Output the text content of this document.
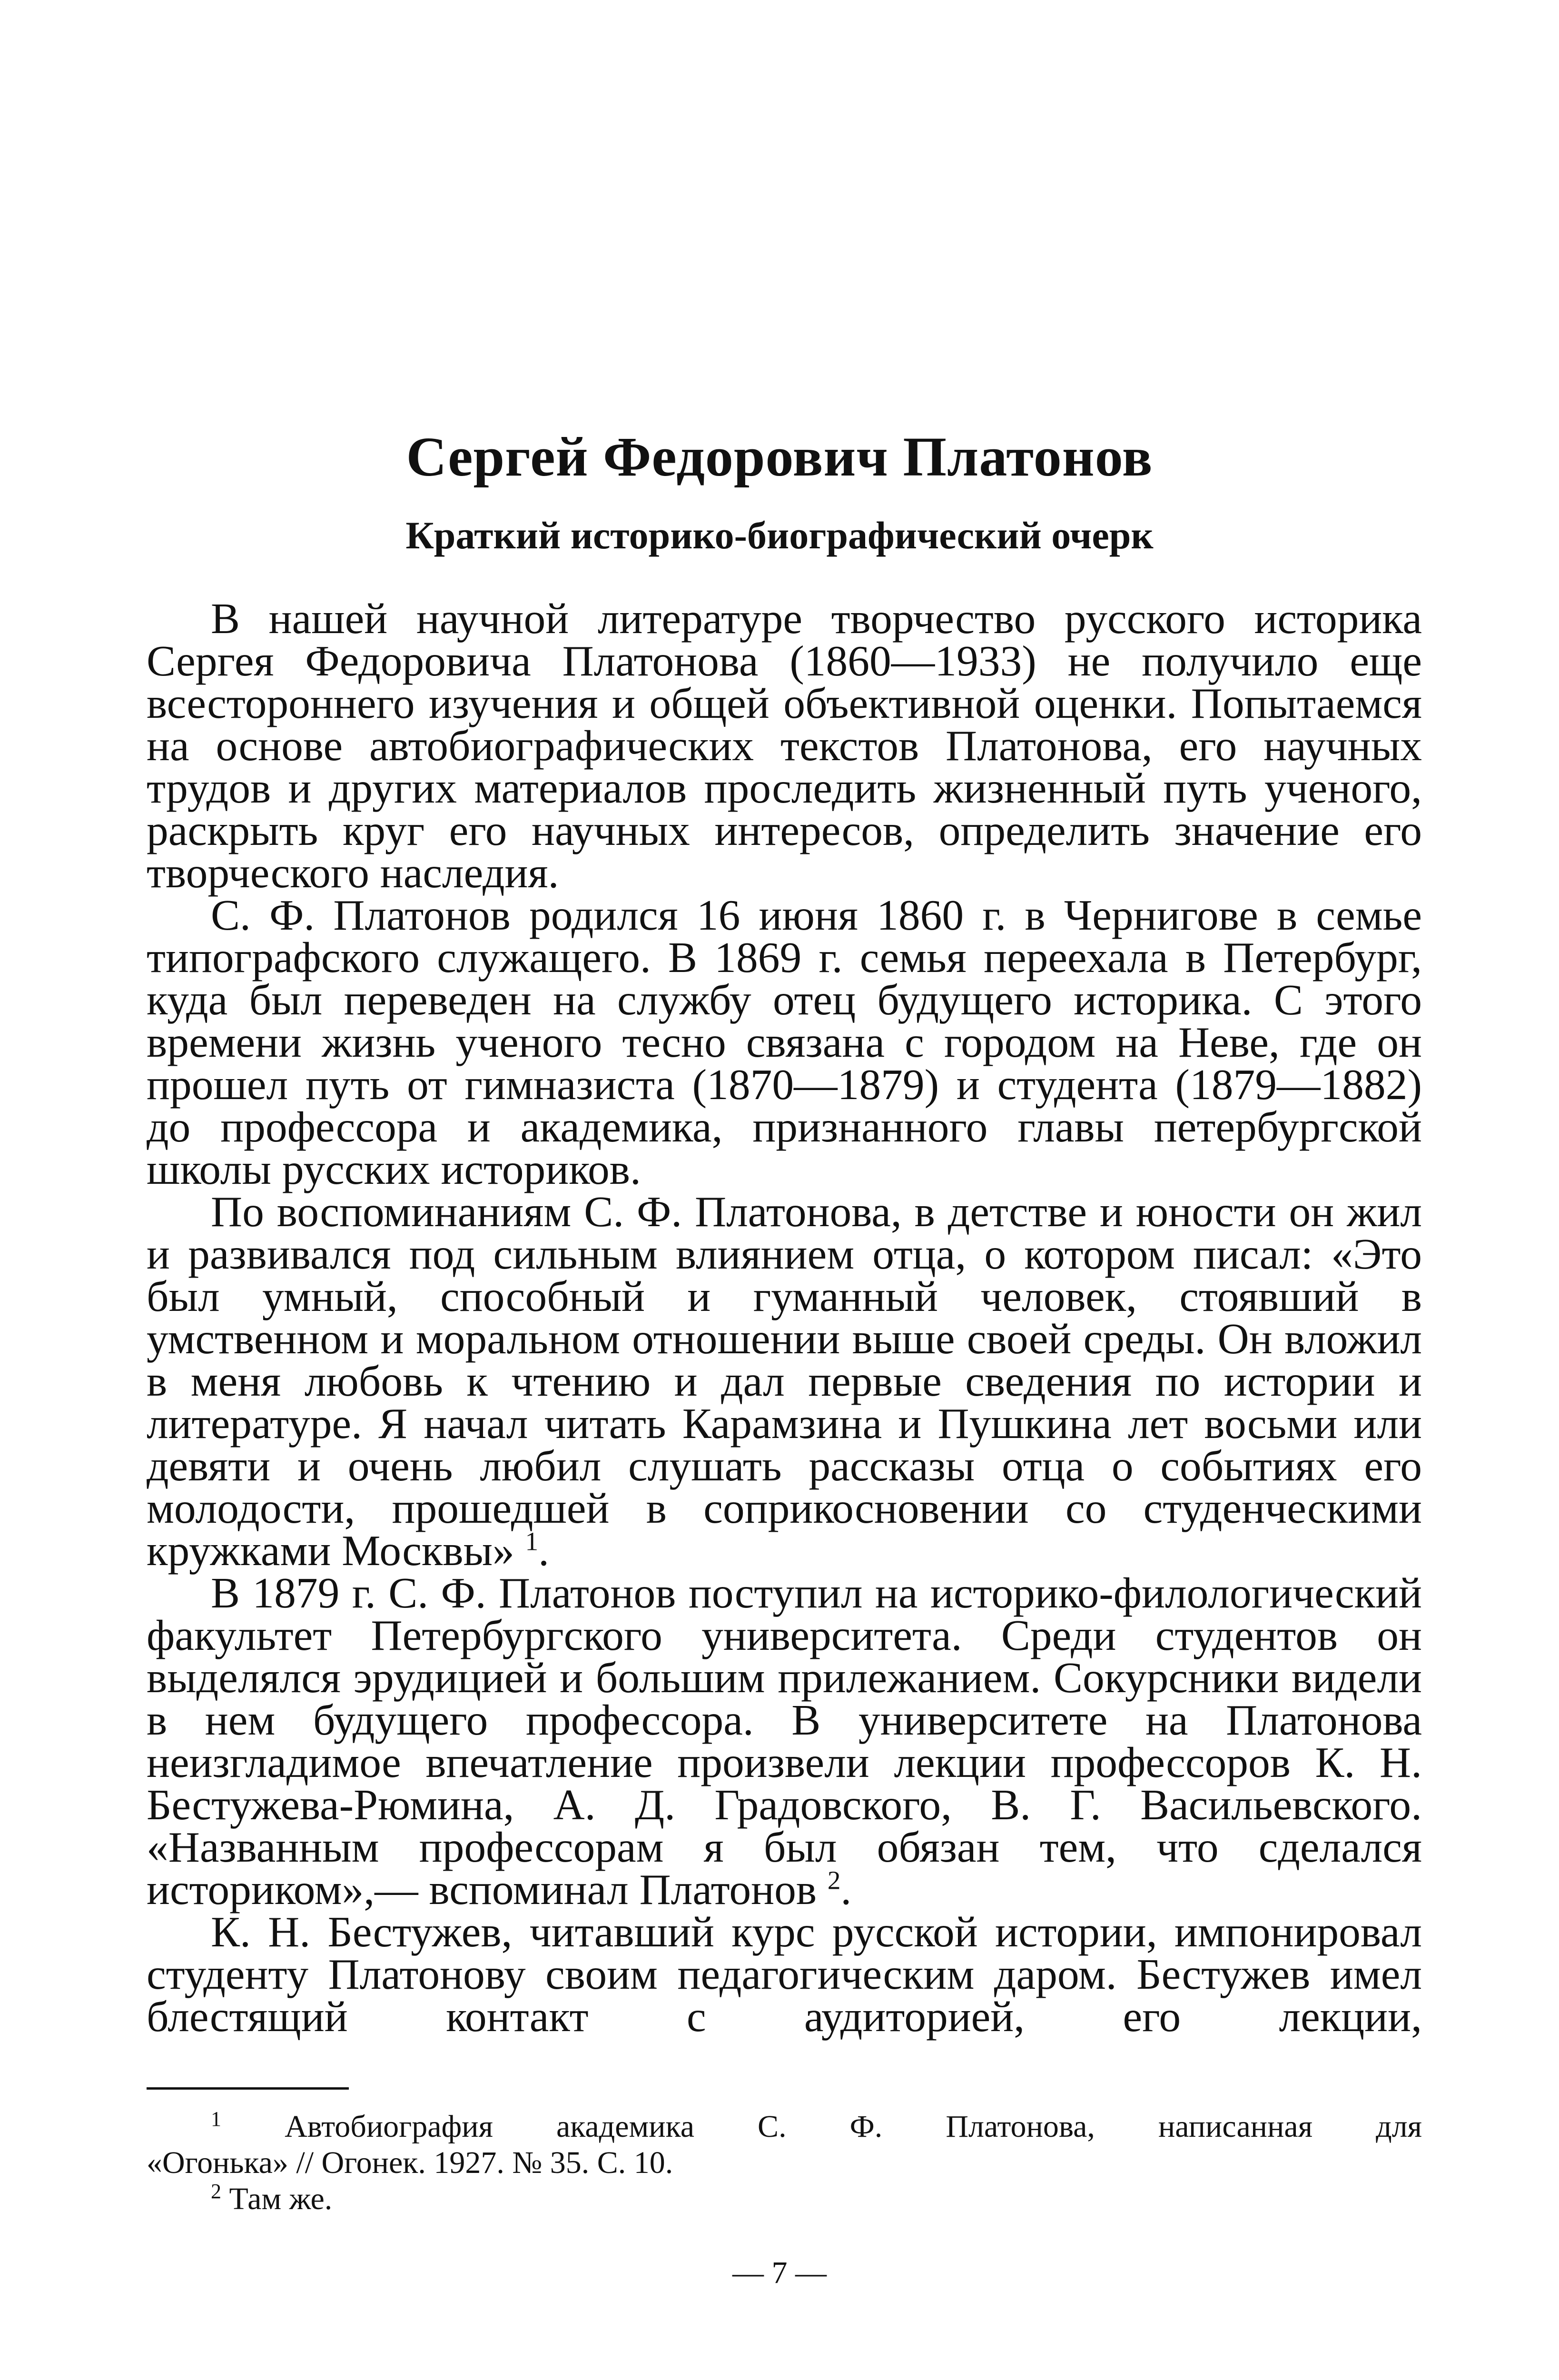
Сергей Федорович Платонов
Краткий историко-биографический очерк

В нашей научной литературе творчество русского историка Сергея Федоровича Платонова (1860—1933) не получило еще всестороннего изучения и общей объективной оценки. Попытаемся на основе автобиографических текстов Платонова, его научных трудов и других материалов проследить жизненный путь ученого, раскрыть круг его научных интересов, определить значение его творческого наследия.

С. Ф. Платонов родился 16 июня 1860 г. в Чернигове в семье типографского служащего. В 1869 г. семья переехала в Петербург, куда был переведен на службу отец будущего историка. С этого времени жизнь ученого тесно связана с городом на Неве, где он прошел путь от гимназиста (1870—1879) и студента (1879—1882) до профессора и академика, признанного главы петербургской школы русских историков.

По воспоминаниям С. Ф. Платонова, в детстве и юности он жил и развивался под сильным влиянием отца, о котором писал: «Это был умный, способный и гуманный человек, стоявший в умственном и моральном отношении выше своей среды. Он вложил в меня любовь к чтению и дал первые сведения по истории и литературе. Я начал читать Карамзина и Пушкина лет восьми или девяти и очень любил слушать рассказы отца о событиях его молодости, прошедшей в соприкосновении со студенческими кружками Москвы» $^1$.

В 1879 г. С. Ф. Платонов поступил на историко-филологический факультет Петербургского университета. Среди студентов он выделялся эрудицией и большим прилежанием. Сокурсники видели в нем будущего профессора. В университете на Платонова неизгладимое впечатление произвели лекции профессоров К. Н. Бестужева-Рюмина, А. Д. Градовского, В. Г. Васильевского. «Названным профессорам я был обязан тем, что сделался историком»,— вспоминал Платонов $^2$.

К. Н. Бестужев, читавший курс русской истории, импонировал студенту Платонову своим педагогическим даром. Бестужев имел блестящий контакт с аудиторией, его лекции,

$^1$ Автобиография академика С. Ф. Платонова, написанная для

«Огонька» // Огонек. 1927. № 35. С. 10.

$^2$ Там же.

— 7 —
